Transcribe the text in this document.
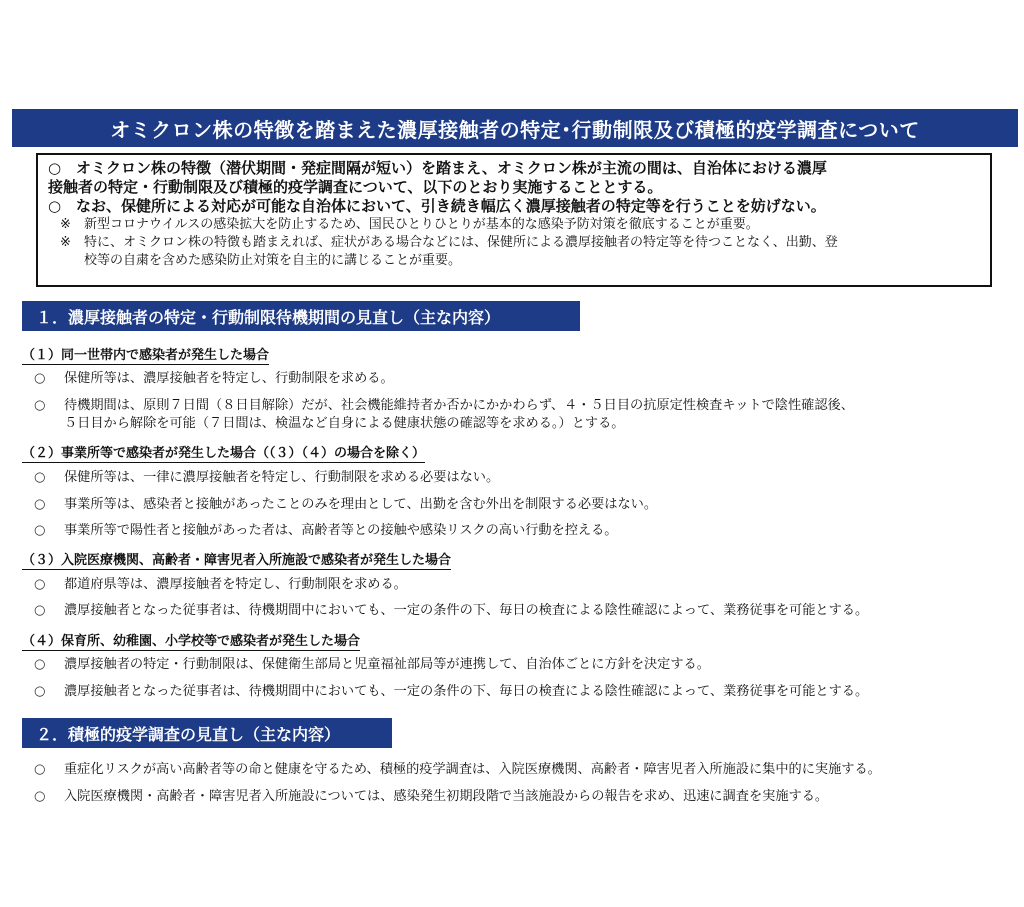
オミクロン株の特徴を踏まえた濃厚接触者の特定･行動制限及び積極的疫学調査について
○ オミクロン株の特徴（潜伏期間・発症間隔が短い）を踏まえ、オミクロン株が主流の間は、自治体における濃厚
接触者の特定・行動制限及び積極的疫学調査について、以下のとおり実施することとする。
○ なお、保健所による対応が可能な自治体において、引き続き幅広く濃厚接触者の特定等を行うことを妨げない。
※ 新型コロナウイルスの感染拡大を防止するため、国民ひとりひとりが基本的な感染予防対策を徹底することが重要。
※ 特に、オミクロン株の特徴も踏まえれば、症状がある場合などには、保健所による濃厚接触者の特定等を待つことなく、出勤、登
校等の自粛を含めた感染防止対策を自主的に講じることが重要。
１．濃厚接触者の特定・行動制限待機期間の見直し（主な内容）
（１）同一世帯内で感染者が発生した場合
○ 保健所等は、濃厚接触者を特定し、行動制限を求める。
○ 待機期間は、原則７日間（８日目解除）だが、社会機能維持者か否かにかかわらず、４・５日目の抗原定性検査キットで陰性確認後、
５日目から解除を可能（７日間は、検温など自身による健康状態の確認等を求める。）とする。
（２）事業所等で感染者が発生した場合（（３）（４）の場合を除く）
○ 保健所等は、一律に濃厚接触者を特定し、行動制限を求める必要はない。
○ 事業所等は、感染者と接触があったことのみを理由として、出勤を含む外出を制限する必要はない。
○ 事業所等で陽性者と接触があった者は、高齢者等との接触や感染リスクの高い行動を控える。
（３）入院医療機関、高齢者・障害児者入所施設で感染者が発生した場合
○ 都道府県等は、濃厚接触者を特定し、行動制限を求める。
○ 濃厚接触者となった従事者は、待機期間中においても、一定の条件の下、毎日の検査による陰性確認によって、業務従事を可能とする。
（４）保育所、幼稚園、小学校等で感染者が発生した場合
○ 濃厚接触者の特定・行動制限は、保健衛生部局と児童福祉部局等が連携して、自治体ごとに方針を決定する。
○ 濃厚接触者となった従事者は、待機期間中においても、一定の条件の下、毎日の検査による陰性確認によって、業務従事を可能とする。
２．積極的疫学調査の見直し（主な内容）
○ 重症化リスクが高い高齢者等の命と健康を守るため、積極的疫学調査は、入院医療機関、高齢者・障害児者入所施設に集中的に実施する。
○ 入院医療機関・高齢者・障害児者入所施設については、感染発生初期段階で当該施設からの報告を求め、迅速に調査を実施する。
